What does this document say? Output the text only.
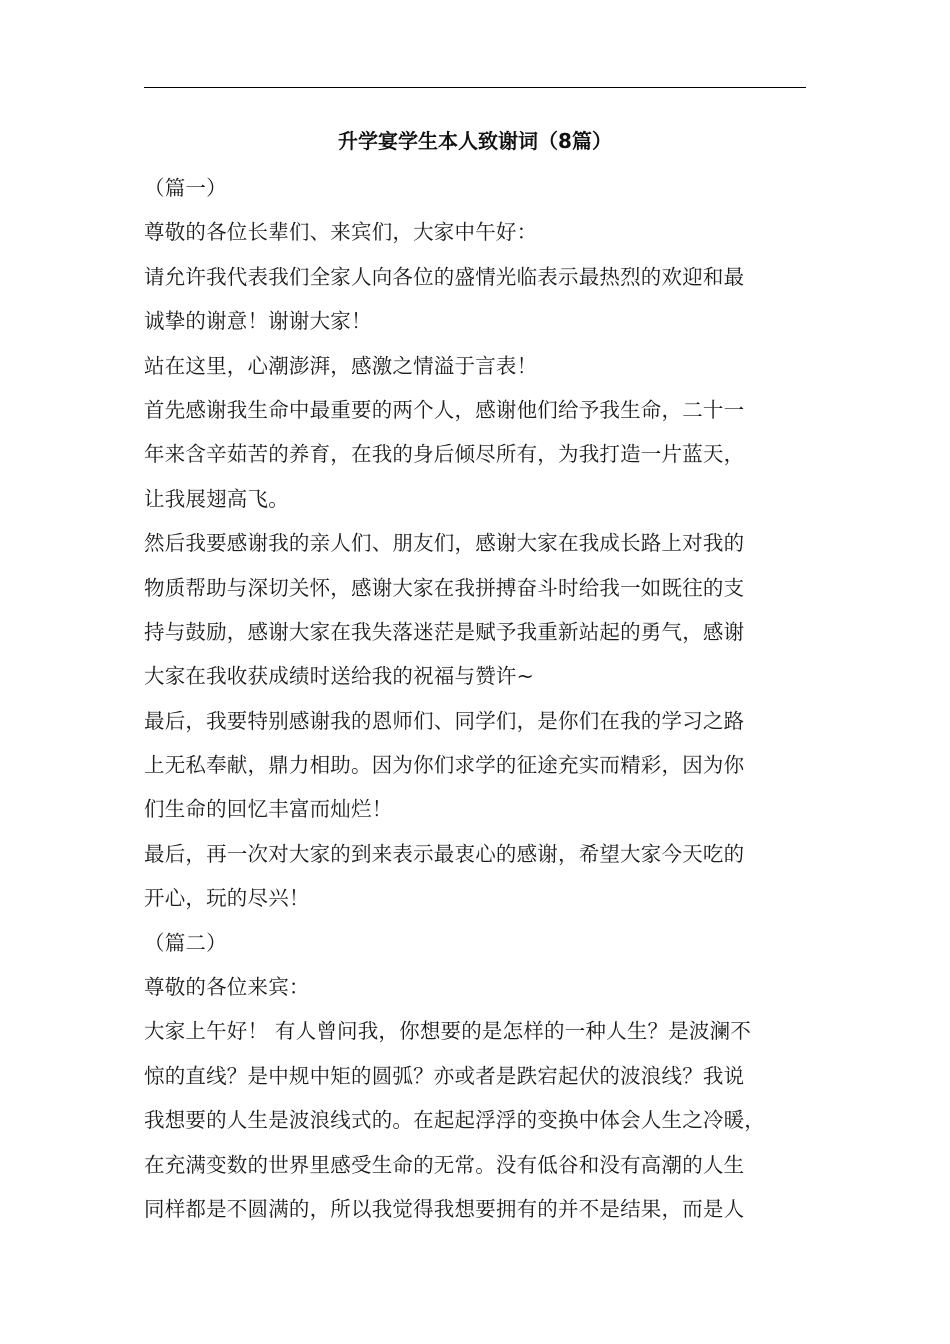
升学宴学生本人致谢词（8篇）
（篇一）
尊敬的各位长辈们、来宾们，大家中午好：
请允许我代表我们全家人向各位的盛情光临表示最热烈的欢迎和最
诚挚的谢意！谢谢大家！
站在这里，心潮澎湃，感激之情溢于言表！
首先感谢我生命中最重要的两个人，感谢他们给予我生命，二十一
年来含辛茹苦的养育，在我的身后倾尽所有，为我打造一片蓝天，
让我展翅高飞。
然后我要感谢我的亲人们、朋友们，感谢大家在我成长路上对我的
物质帮助与深切关怀，感谢大家在我拼搏奋斗时给我一如既往的支
持与鼓励，感谢大家在我失落迷茫是赋予我重新站起的勇气，感谢
大家在我收获成绩时送给我的祝福与赞许~
最后，我要特别感谢我的恩师们、同学们，是你们在我的学习之路
上无私奉献，鼎力相助。因为你们求学的征途充实而精彩，因为你
们生命的回忆丰富而灿烂！
最后，再一次对大家的到来表示最衷心的感谢，希望大家今天吃的
开心，玩的尽兴！
（篇二）
尊敬的各位来宾：
大家上午好！ 有人曾问我，你想要的是怎样的一种人生？是波澜不
惊的直线？是中规中矩的圆弧？亦或者是跌宕起伏的波浪线？我说
我想要的人生是波浪线式的。在起起浮浮的变换中体会人生之冷暖，
在充满变数的世界里感受生命的无常。没有低谷和没有高潮的人生
同样都是不圆满的，所以我觉得我想要拥有的并不是结果，而是人
